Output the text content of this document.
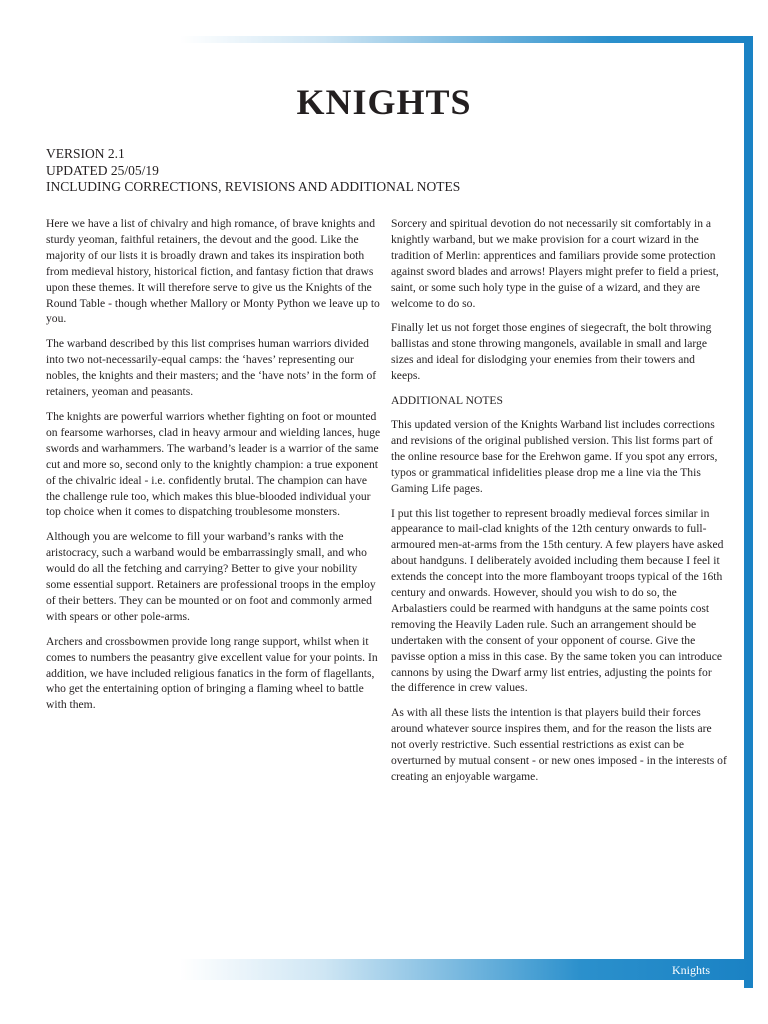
Knights
KNIGHTS
VERSION 2.1
UPDATED 25/05/19
INCLUDING CORRECTIONS, REVISIONS AND ADDITIONAL NOTES

Here we have a list of chivalry and high romance, of brave knights and sturdy yeoman, faithful retainers, the devout and the good. Like the majority of our lists it is broadly drawn and takes its inspiration both from medieval history, historical fiction, and fantasy fiction that draws upon these themes. It will therefore serve to give us the Knights of the Round Table - though whether Mallory or Monty Python we leave up to you.

The warband described by this list comprises human warriors divided into two not-necessarily-equal camps: the ‘haves’ representing our nobles, the knights and their masters; and the ‘have nots’ in the form of retainers, yeoman and peasants.

The knights are powerful warriors whether fighting on foot or mounted on fearsome warhorses, clad in heavy armour and wielding lances, huge swords and warhammers. The warband’s leader is a warrior of the same cut and more so, second only to the knightly champion: a true exponent of the chivalric ideal - i.e. confidently brutal. The champion can have the challenge rule too, which makes this blue-blooded individual your top choice when it comes to dispatching troublesome monsters.

Although you are welcome to fill your warband’s ranks with the aristocracy, such a warband would be embarrassingly small, and who would do all the fetching and carrying? Better to give your nobility some essential support. Retainers are professional troops in the employ of their betters. They can be mounted or on foot and commonly armed with spears or other pole-arms.

Archers and crossbowmen provide long range support, whilst when it comes to numbers the peasantry give excellent value for your points. In addition, we have included religious fanatics in the form of flagellants, who get the entertaining option of bringing a flaming wheel to battle with them.

Sorcery and spiritual devotion do not necessarily sit comfortably in a knightly warband, but we make provision for a court wizard in the tradition of Merlin: apprentices and familiars provide some protection against sword blades and arrows! Players might prefer to field a priest, saint, or some such holy type in the guise of a wizard, and they are welcome to do so.

Finally let us not forget those engines of siegecraft, the bolt throwing ballistas and stone throwing mangonels, available in small and large sizes and ideal for dislodging your enemies from their towers and keeps.

ADDITIONAL NOTES

This updated version of the Knights Warband list includes corrections and revisions of the original published version. This list forms part of the online resource base for the Erehwon game. If you spot any errors, typos or grammatical infidelities please drop me a line via the This Gaming Life pages.

I put this list together to represent broadly medieval forces similar in appearance to mail-clad knights of the 12th century onwards to full-armoured men-at-arms from the 15th century. A few players have asked about handguns. I deliberately avoided including them because I feel it extends the concept into the more flamboyant troops typical of the 16th century and onwards. However, should you wish to do so, the Arbalastiers could be rearmed with handguns at the same points cost removing the Heavily Laden rule. Such an arrangement should be undertaken with the consent of your opponent of course. Give the pavisse option a miss in this case. By the same token you can introduce cannons by using the Dwarf army list entries, adjusting the points for the difference in crew values.

As with all these lists the intention is that players build their forces around whatever source inspires them, and for the reason the lists are not overly restrictive. Such essential restrictions as exist can be overturned by mutual consent - or new ones imposed - in the interests of creating an enjoyable wargame.
